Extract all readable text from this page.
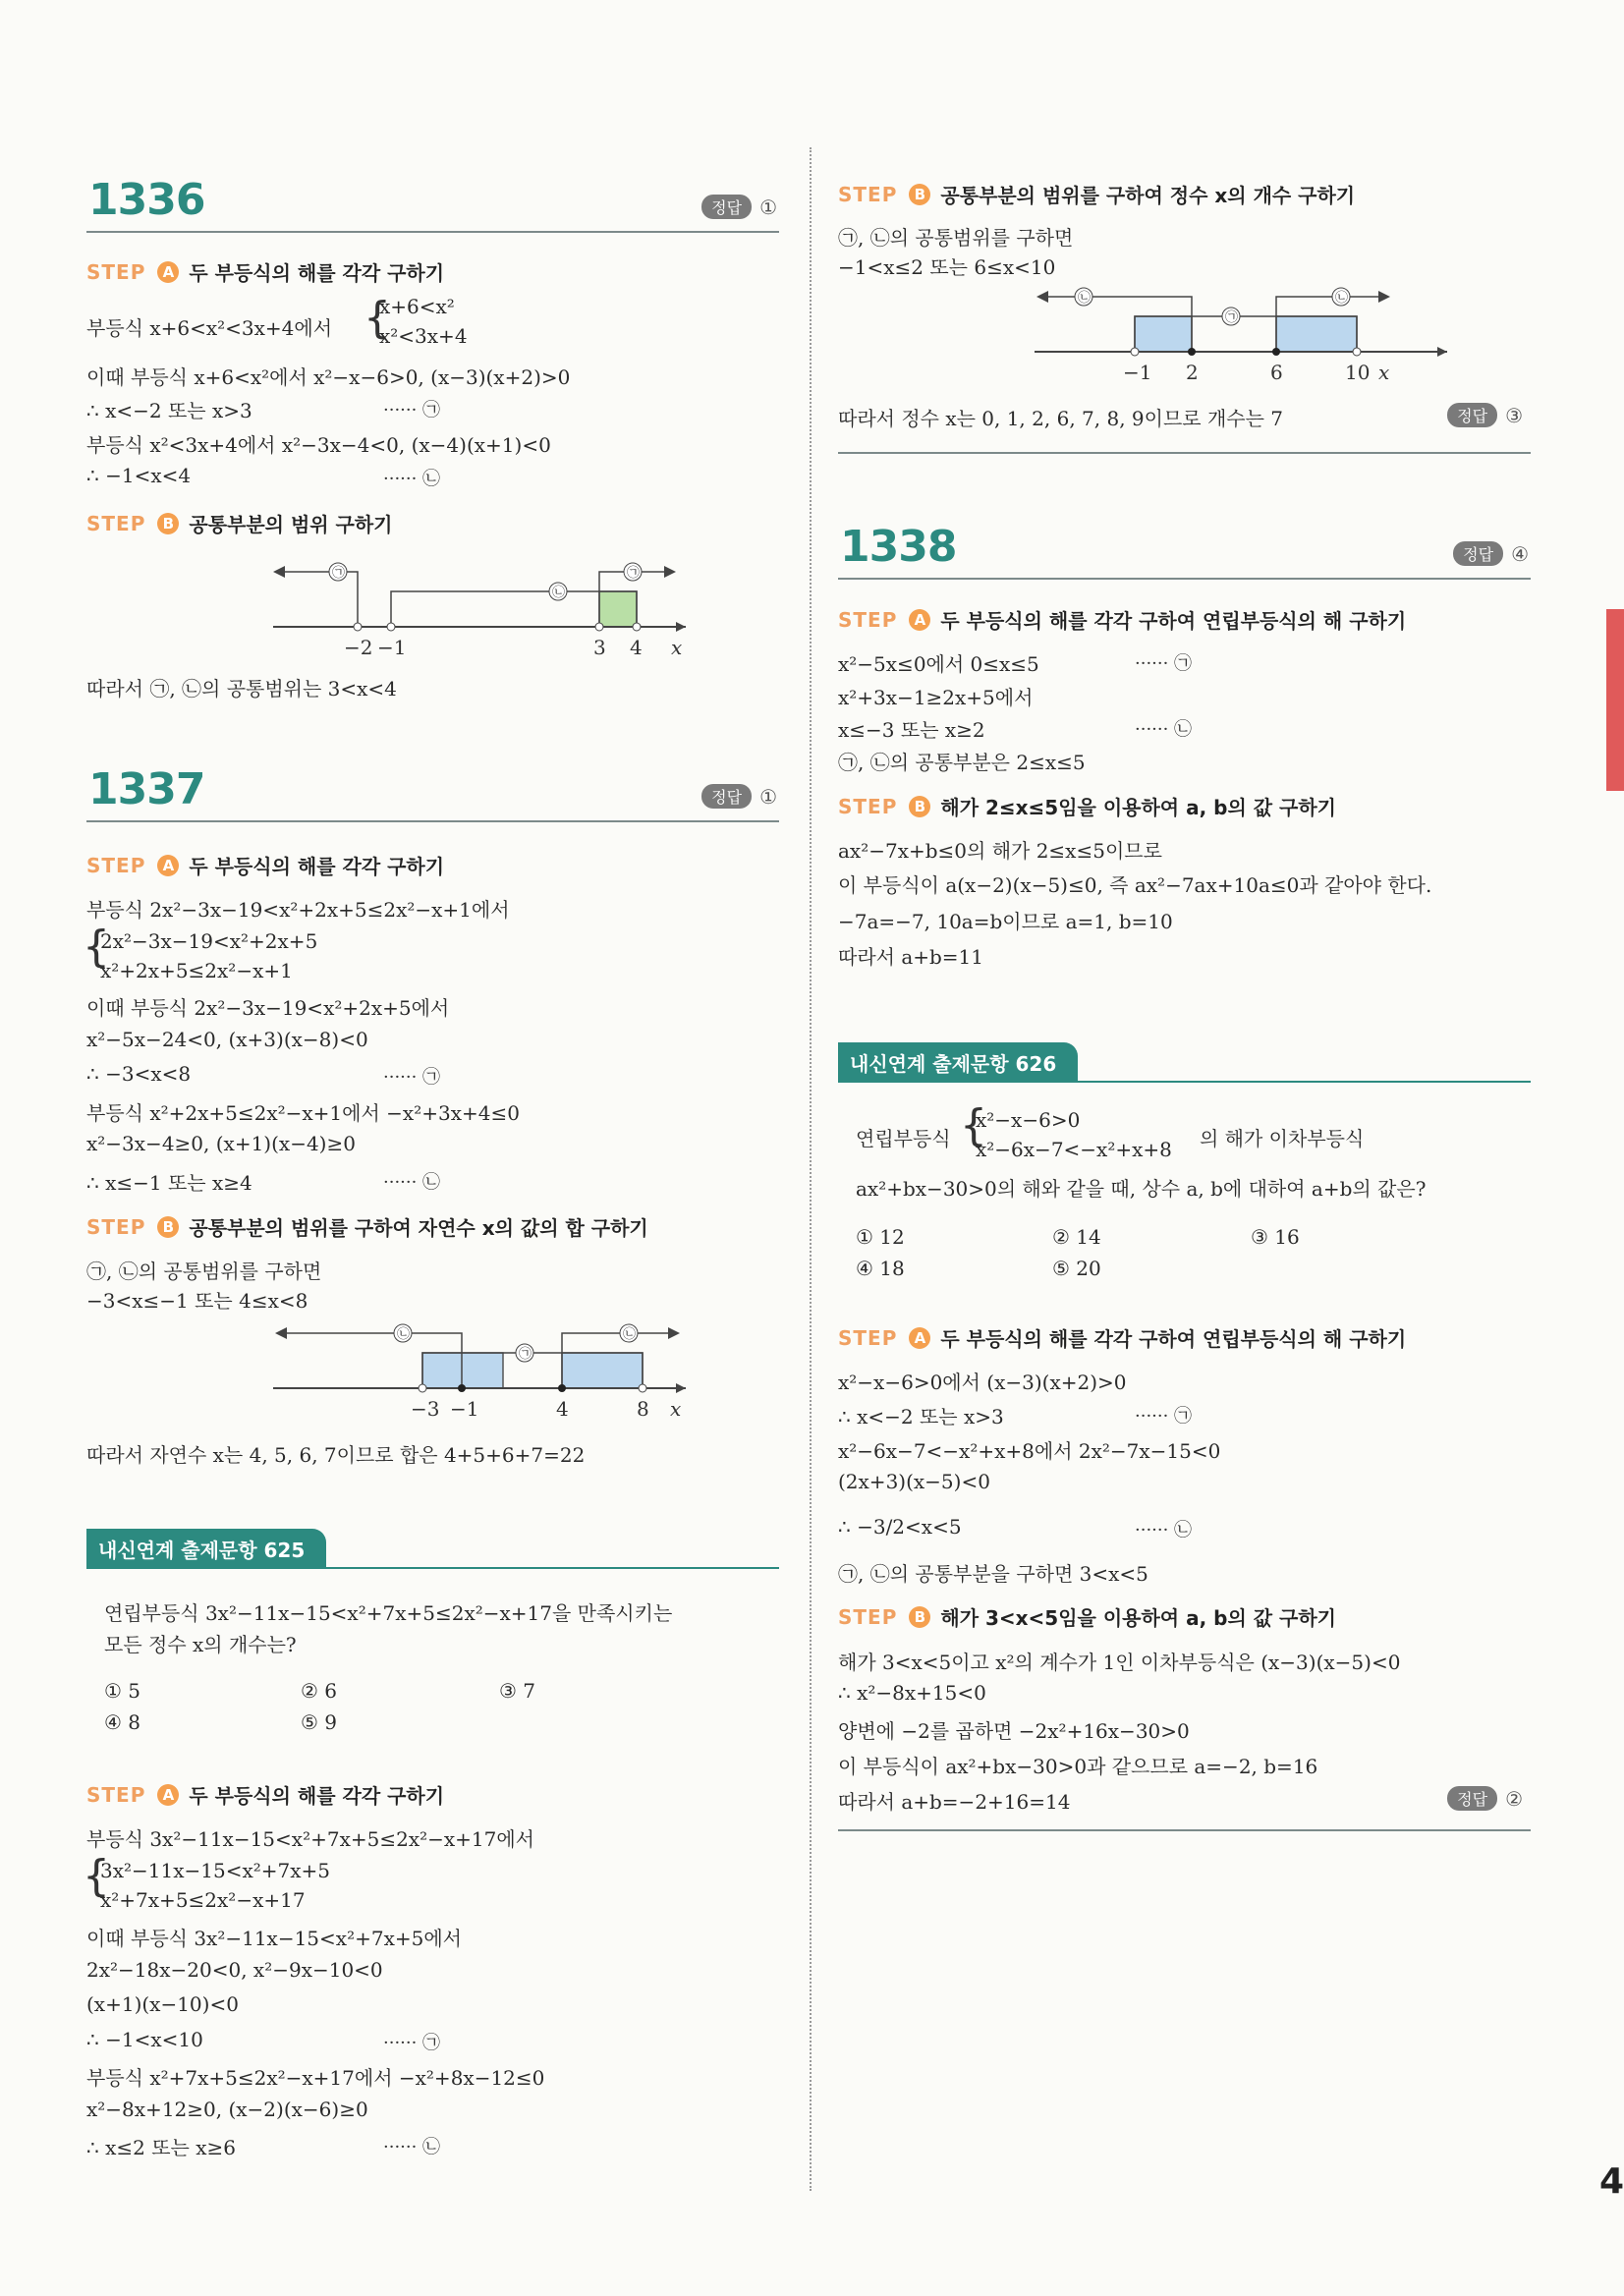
4
1336	정답 ①
STEP	A 두 부등식의 해를 각각 구하기
부등식 x+6<x²<3x+4에서 {
x+6<x²
x²<3x+4
이때 부등식 x+6<x²에서 x²−x−6>0, (x−3)(x+2)>0
∴ x<−2 또는 x>3	······ ㉠
부등식 x²<3x+4에서 x²−3x−4<0, (x−4)(x+1)<0
∴ −1<x<4	······ ㉡
STEP	B 공통부분의 범위 구하기
㉠
㉡
㉠
−2 −1	3 4 x
따라서 ㉠, ㉡의 공통범위는 3<x<4
1337	정답 ①
STEP	A 두 부등식의 해를 각각 구하기
부등식 2x²−3x−19<x²+2x+5≤2x²−x+1에서
{
2x²−3x−19<x²+2x+5
x²+2x+5≤2x²−x+1
이때 부등식 2x²−3x−19<x²+2x+5에서
x²−5x−24<0, (x+3)(x−8)<0
∴ −3<x<8	······ ㉠
부등식 x²+2x+5≤2x²−x+1에서 −x²+3x+4≤0
x²−3x−4≥0, (x+1)(x−4)≥0
∴ x≤−1 또는 x≥4	······ ㉡
STEP	B 공통부분의 범위를 구하여 자연수 x의 값의 합 구하기
㉠, ㉡의 공통범위를 구하면
−3<x≤−1 또는 4≤x<8
㉡
㉠
㉡
−3 −1	4	8 x
따라서 자연수 x는 4, 5, 6, 7이므로 합은 4+5+6+7=22
내신연계 출제문항 625
연립부등식 3x²−11x−15<x²+7x+5≤2x²−x+17을 만족시키는
모든 정수 x의 개수는?
① 5	② 6	③ 7
④ 8	⑤ 9
STEP	A 두 부등식의 해를 각각 구하기
부등식 3x²−11x−15<x²+7x+5≤2x²−x+17에서
{
3x²−11x−15<x²+7x+5
x²+7x+5≤2x²−x+17
이때 부등식 3x²−11x−15<x²+7x+5에서
2x²−18x−20<0, x²−9x−10<0
(x+1)(x−10)<0
∴ −1<x<10	······ ㉠
부등식 x²+7x+5≤2x²−x+17에서 −x²+8x−12≤0
x²−8x+12≥0, (x−2)(x−6)≥0
∴ x≤2 또는 x≥6	······ ㉡
STEP	B 공통부분의 범위를 구하여 정수 x의 개수 구하기
㉠, ㉡의 공통범위를 구하면
−1<x≤2 또는 6≤x<10
㉡
㉠
㉡
−1 2	6	10 x
따라서 정수 x는 0, 1, 2, 6, 7, 8, 9이므로 개수는 7	정답 ③
1338	정답 ④
STEP	A 두 부등식의 해를 각각 구하여 연립부등식의 해 구하기
x²−5x≤0에서 0≤x≤5	······ ㉠
x²+3x−1≥2x+5에서
x≤−3 또는 x≥2	······ ㉡
㉠, ㉡의 공통부분은 2≤x≤5
STEP	B 해가 2≤x≤5임을 이용하여 a, b의 값 구하기
ax²−7x+b≤0의 해가 2≤x≤5이므로
이 부등식이 a(x−2)(x−5)≤0, 즉 ax²−7ax+10a≤0과 같아야 한다.
−7a=−7, 10a=b이므로 a=1, b=10
따라서 a+b=11
내신연계 출제문항 626
연립부등식 {
x²−x−6>0
x²−6x−7<−x²+x+8 의 해가 이차부등식
ax²+bx−30>0의 해와 같을 때, 상수 a, b에 대하여 a+b의 값은?
① 12	② 14	③ 16
④ 18	⑤ 20
STEP	A 두 부등식의 해를 각각 구하여 연립부등식의 해 구하기
x²−x−6>0에서 (x−3)(x+2)>0
∴ x<−2 또는 x>3	······ ㉠
x²−6x−7<−x²+x+8에서 2x²−7x−15<0
(2x+3)(x−5)<0
∴ −3/2<x<5	······ ㉡
㉠, ㉡의 공통부분을 구하면 3<x<5
STEP	B 해가 3<x<5임을 이용하여 a, b의 값 구하기
해가 3<x<5이고 x²의 계수가 1인 이차부등식은 (x−3)(x−5)<0
∴ x²−8x+15<0
양변에 −2를 곱하면 −2x²+16x−30>0
이 부등식이 ax²+bx−30>0과 같으므로 a=−2, b=16
따라서 a+b=−2+16=14	정답 ②
